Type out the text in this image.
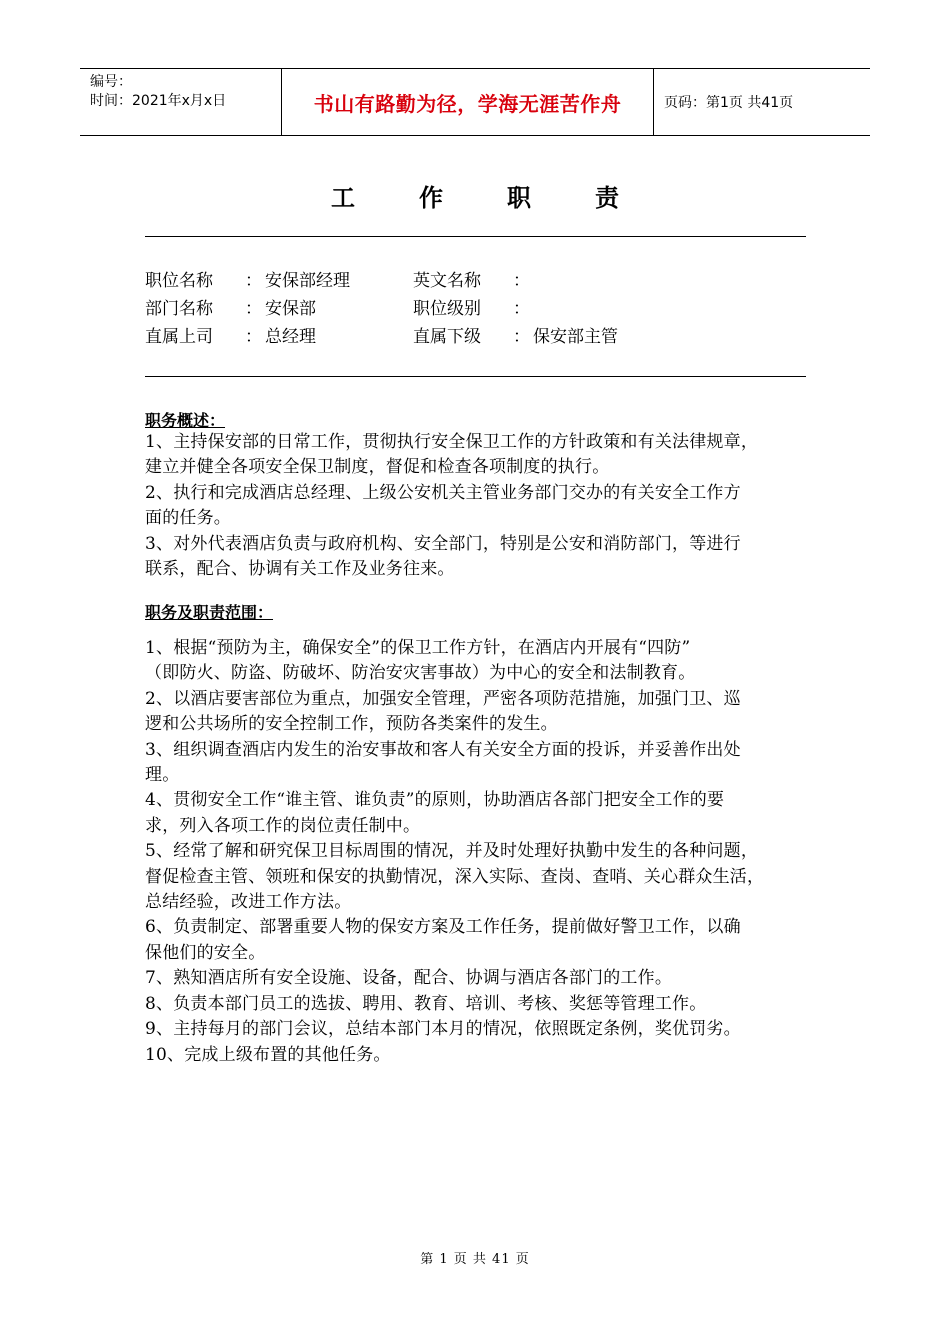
编号：
时间：2021年x月x日	书山有路勤为径，学海无涯苦作舟	页码：第1页 共41页
工	作	职	责
职位名称	： 安保部经理	英文名称	：
部门名称	： 安保部	职位级别	：
直属上司	： 总经理	直属下级	： 保安部主管
职务概述：

1、主持保安部的日常工作，贯彻执行安全保卫工作的方针政策和有关法律规章，

建立并健全各项安全保卫制度，督促和检查各项制度的执行。

2、执行和完成酒店总经理、上级公安机关主管业务部门交办的有关安全工作方

面的任务。

3、对外代表酒店负责与政府机构、安全部门，特别是公安和消防部门，等进行

联系，配合、协调有关工作及业务往来。

职务及职责范围：

1、根据“预防为主，确保安全”的保卫工作方针，在酒店内开展有“四防”

（即防火、防盗、防破坏、防治安灾害事故）为中心的安全和法制教育。

2、以酒店要害部位为重点，加强安全管理，严密各项防范措施，加强门卫、巡

逻和公共场所的安全控制工作，预防各类案件的发生。

3、组织调查酒店内发生的治安事故和客人有关安全方面的投诉，并妥善作出处

理。

4、贯彻安全工作“谁主管、谁负责”的原则，协助酒店各部门把安全工作的要

求，列入各项工作的岗位责任制中。

5、经常了解和研究保卫目标周围的情况，并及时处理好执勤中发生的各种问题，

督促检查主管、领班和保安的执勤情况，深入实际、查岗、查哨、关心群众生活，

总结经验，改进工作方法。

6、负责制定、部署重要人物的保安方案及工作任务，提前做好警卫工作，以确

保他们的安全。

7、熟知酒店所有安全设施、设备，配合、协调与酒店各部门的工作。

8、负责本部门员工的选拔、聘用、教育、培训、考核、奖惩等管理工作。

9、主持每月的部门会议，总结本部门本月的情况，依照既定条例，奖优罚劣。

10、完成上级布置的其他任务。

第 1 页 共 41 页
